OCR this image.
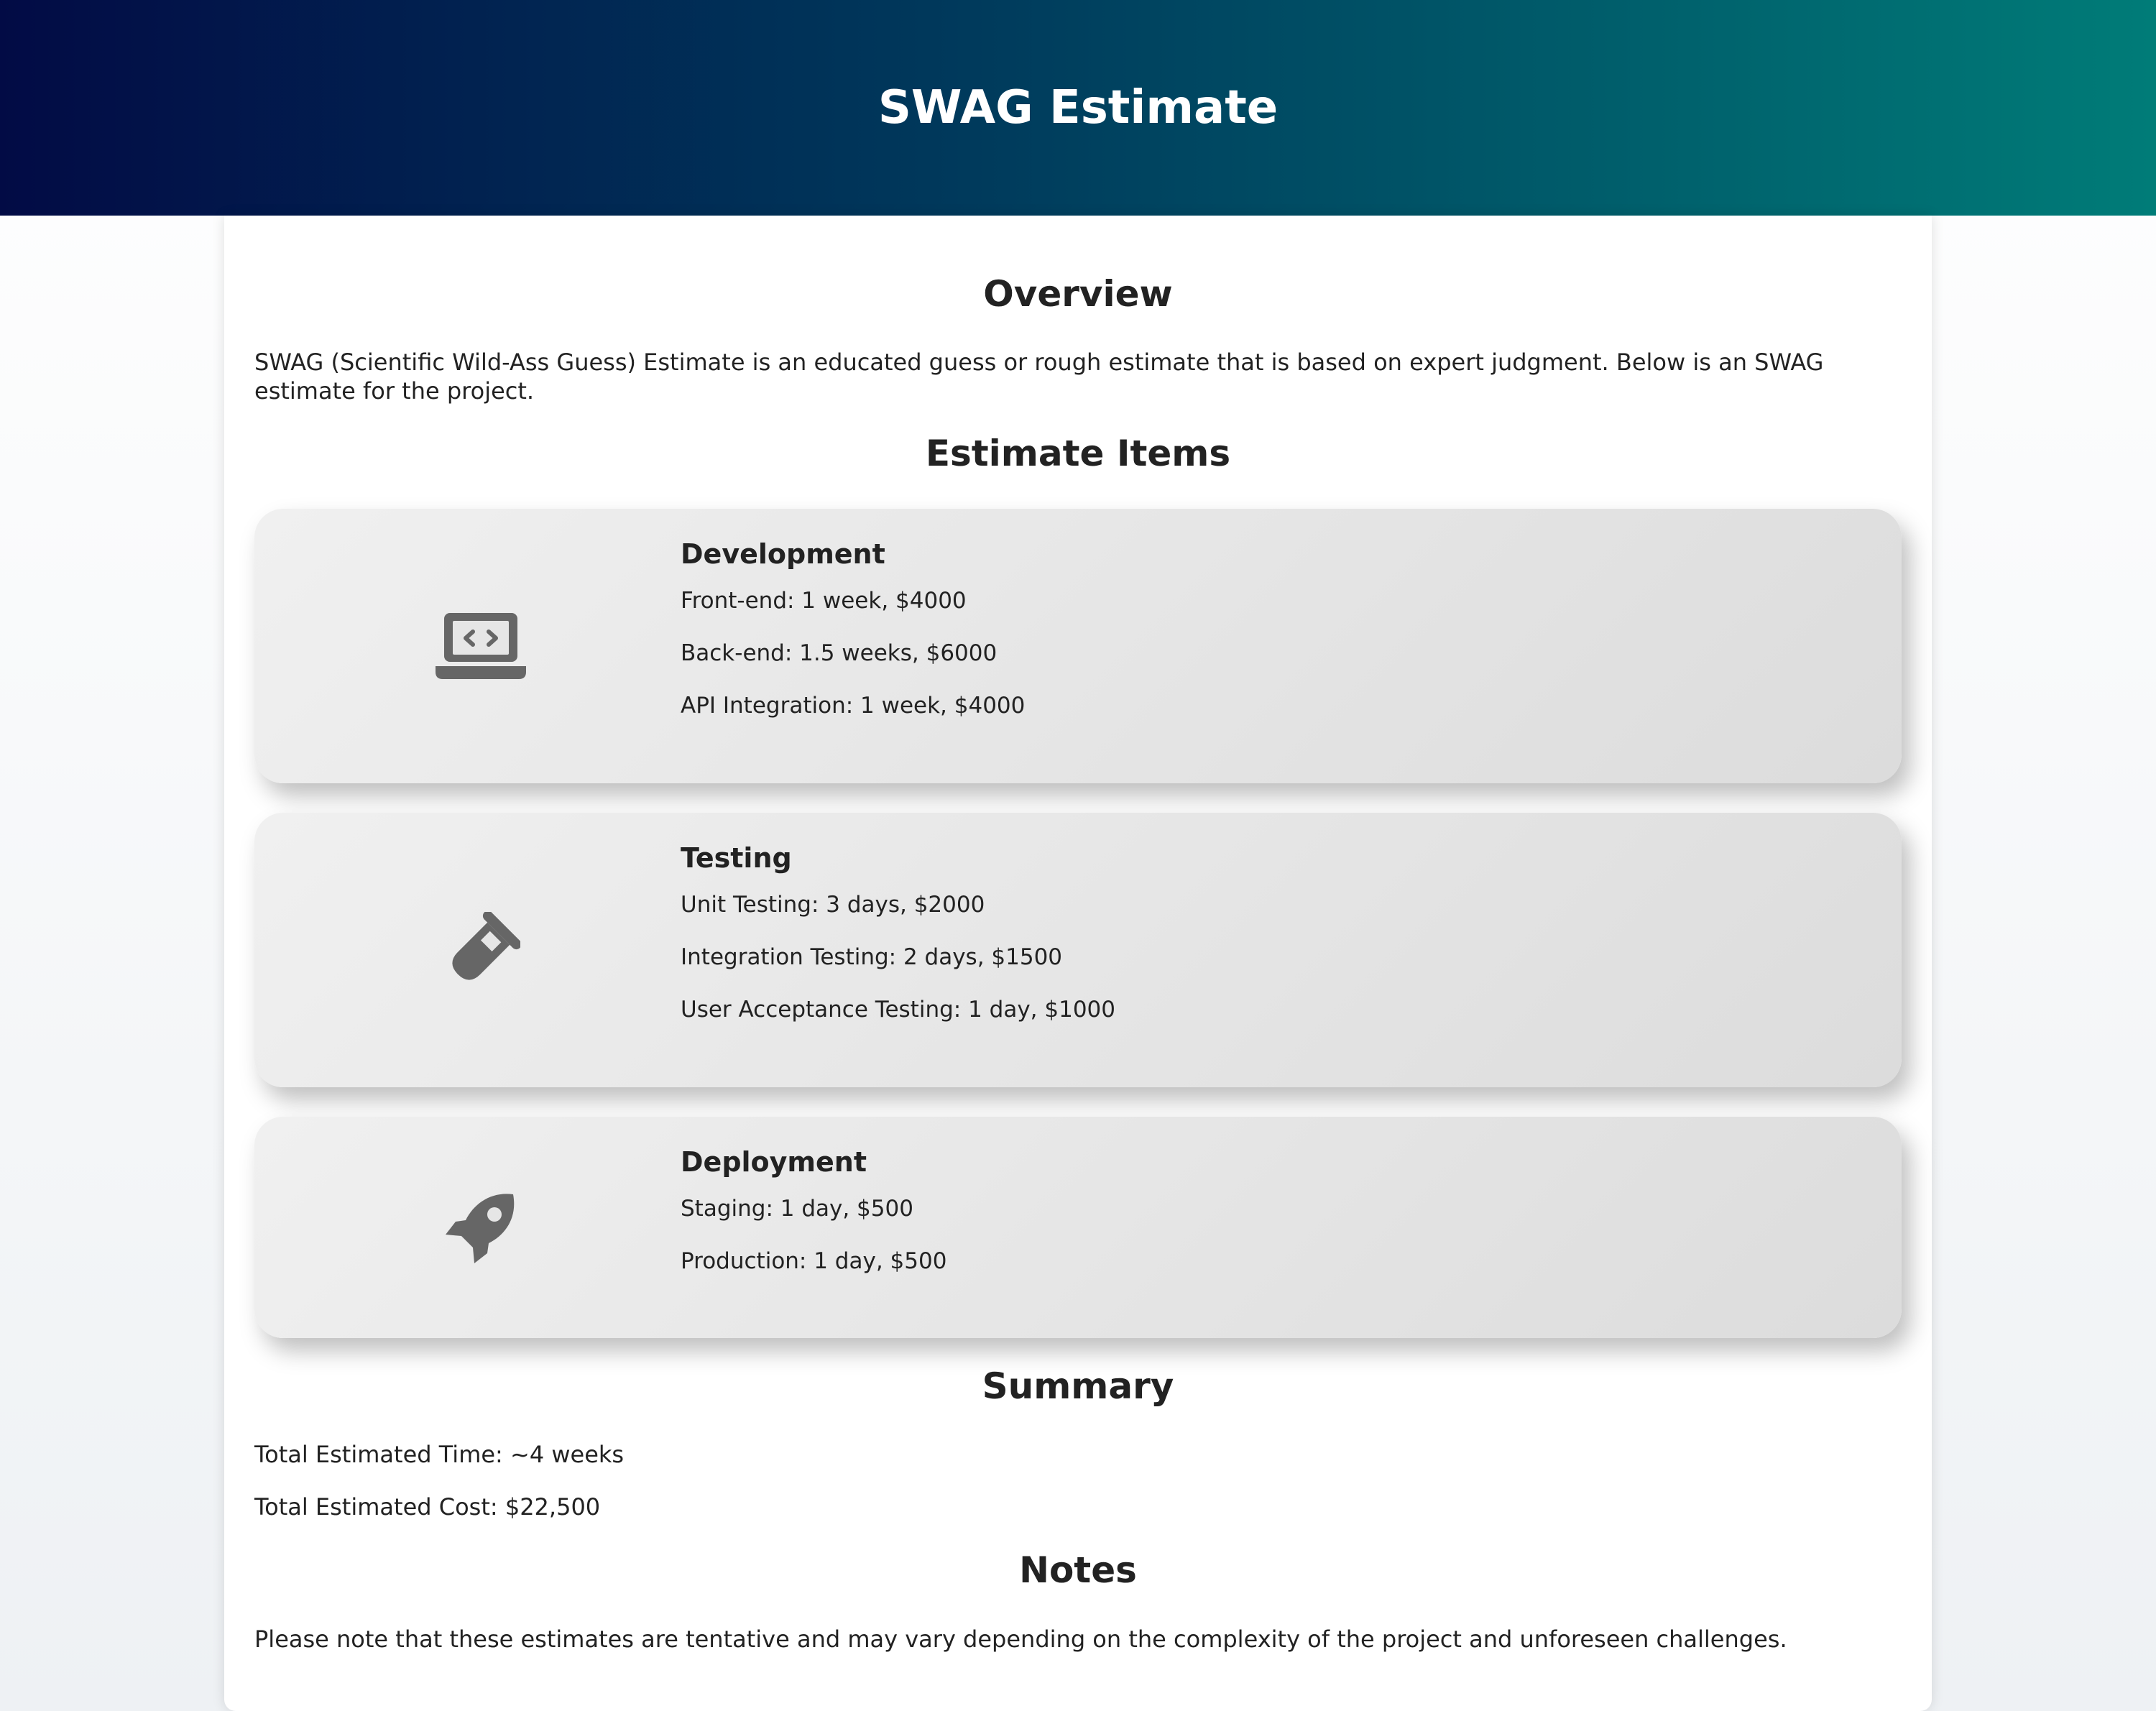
SWAG Estimate
Overview
SWAG (Scientific Wild-Ass Guess) Estimate is an educated guess or rough estimate that is based on expert judgment. Below is an SWAG estimate for the project.
Estimate Items
Development
Front-end: 1 week, $4000
Back-end: 1.5 weeks, $6000
API Integration: 1 week, $4000
Testing
Unit Testing: 3 days, $2000
Integration Testing: 2 days, $1500
User Acceptance Testing: 1 day, $1000
Deployment
Staging: 1 day, $500
Production: 1 day, $500
Summary
Total Estimated Time: ~4 weeks
Total Estimated Cost: $22,500
Notes
Please note that these estimates are tentative and may vary depending on the complexity of the project and unforeseen challenges.
